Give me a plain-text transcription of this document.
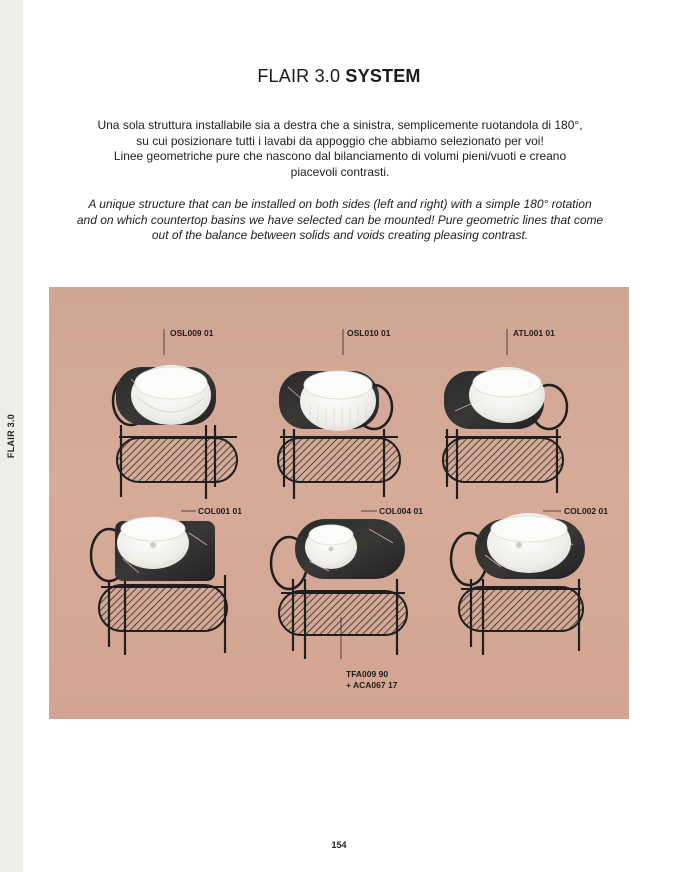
FLAIR 3.0
FLAIR 3.0 SYSTEM
Una sola struttura installabile sia a destra che a sinistra, semplicemente ruotandola di 180°,
su cui posizionare tutti i lavabi da appoggio che abbiamo selezionato per voi!
Linee geometriche pure che nascono dal bilanciamento di volumi pieni/vuoti e creano
piacevoli contrasti.
A unique structure that can be installed on both sides (left and right) with a simple 180° rotation
and on which countertop basins we have selected can be mounted! Pure geometric lines that come
out of the balance between solids and voids creating pleasing contrast.
OSL009 01	OSL010 01	ATL001 01
COL001 01	COL004 01	COL002 01
TFA009 90
+ ACA067 17
154
